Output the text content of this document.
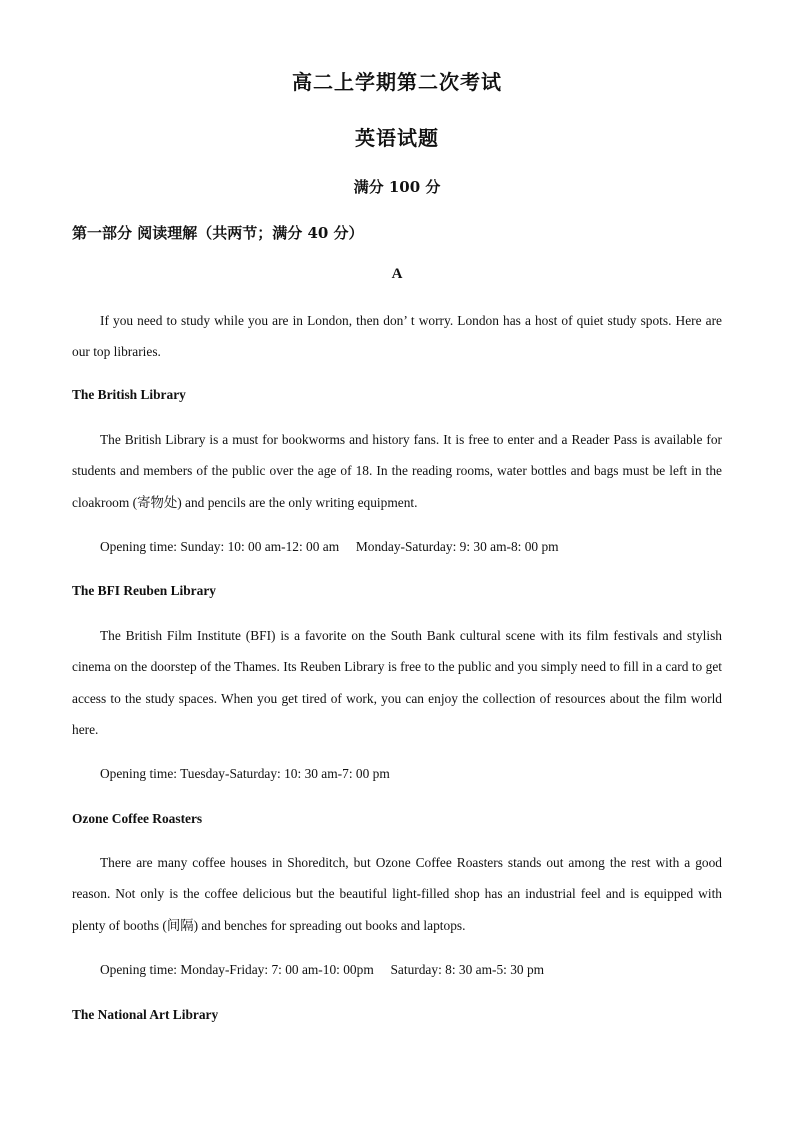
高二上学期第二次考试
英语试题
满分 100 分
第一部分 阅读理解（共两节；满分 40 分）
A
If you need to study while you are in London, then don’ t worry. London has a host of quiet study spots. Here are our top libraries.
The British Library
The British Library is a must for bookworms and history fans. It is free to enter and a Reader Pass is available for students and members of the public over the age of 18. In the reading rooms, water bottles and bags must be left in the cloakroom (寄物处) and pencils are the only writing equipment.
Opening time: Sunday: 10: 00 am-12: 00 am     Monday-Saturday: 9: 30 am-8: 00 pm
The BFI Reuben Library
The British Film Institute (BFI) is a favorite on the South Bank cultural scene with its film festivals and stylish cinema on the doorstep of the Thames. Its Reuben Library is free to the public and you simply need to fill in a card to get access to the study spaces. When you get tired of work, you can enjoy the collection of resources about the film world here.
Opening time: Tuesday-Saturday: 10: 30 am-7: 00 pm
Ozone Coffee Roasters
There are many coffee houses in Shoreditch, but Ozone Coffee Roasters stands out among the rest with a good reason. Not only is the coffee delicious but the beautiful light-filled shop has an industrial feel and is equipped with plenty of booths (间隔) and benches for spreading out books and laptops.
Opening time: Monday-Friday: 7: 00 am-10: 00pm     Saturday: 8: 30 am-5: 30 pm
The National Art Library
